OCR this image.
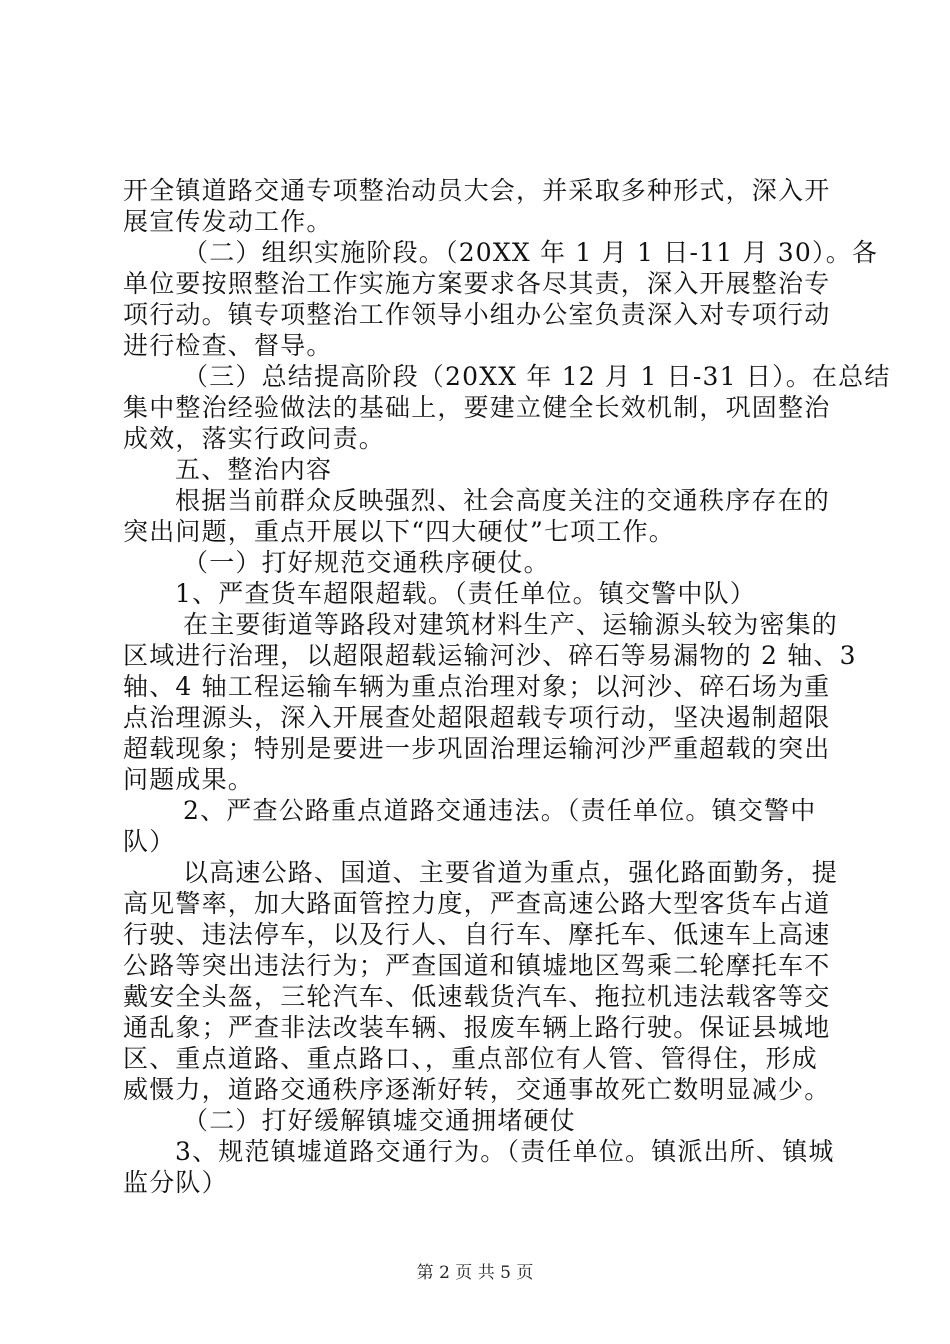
开全镇道路交通专项整治动员大会，并采取多种形式，深入开
展宣传发动工作。
（二）组织实施阶段。（20XX 年 1 月 1 日-11 月 30）。各
单位要按照整治工作实施方案要求各尽其责，深入开展整治专
项行动。镇专项整治工作领导小组办公室负责深入对专项行动
进行检查、督导。
（三）总结提高阶段（20XX 年 12 月 1 日-31 日）。在总结
集中整治经验做法的基础上，要建立健全长效机制，巩固整治
成效，落实行政问责。
五、整治内容
根据当前群众反映强烈、社会高度关注的交通秩序存在的
突出问题，重点开展以下“四大硬仗”七项工作。
（一）打好规范交通秩序硬仗。
1、严查货车超限超载。（责任单位。镇交警中队）
在主要街道等路段对建筑材料生产、运输源头较为密集的
区域进行治理，以超限超载运输河沙、碎石等易漏物的 2 轴、3
轴、4 轴工程运输车辆为重点治理对象；以河沙、碎石场为重
点治理源头，深入开展查处超限超载专项行动，坚决遏制超限
超载现象；特别是要进一步巩固治理运输河沙严重超载的突出
问题成果。
2、严查公路重点道路交通违法。（责任单位。镇交警中
队）
以高速公路、国道、主要省道为重点，强化路面勤务，提
高见警率，加大路面管控力度，严查高速公路大型客货车占道
行驶、违法停车，以及行人、自行车、摩托车、低速车上高速
公路等突出违法行为；严查国道和镇墟地区驾乘二轮摩托车不
戴安全头盔，三轮汽车、低速载货汽车、拖拉机违法载客等交
通乱象；严查非法改装车辆、报废车辆上路行驶。保证县城地
区、重点道路、重点路口、，重点部位有人管、管得住，形成
威慑力，道路交通秩序逐渐好转，交通事故死亡数明显减少。
（二）打好缓解镇墟交通拥堵硬仗
3、规范镇墟道路交通行为。（责任单位。镇派出所、镇城
监分队）
第 2 页 共 5 页
